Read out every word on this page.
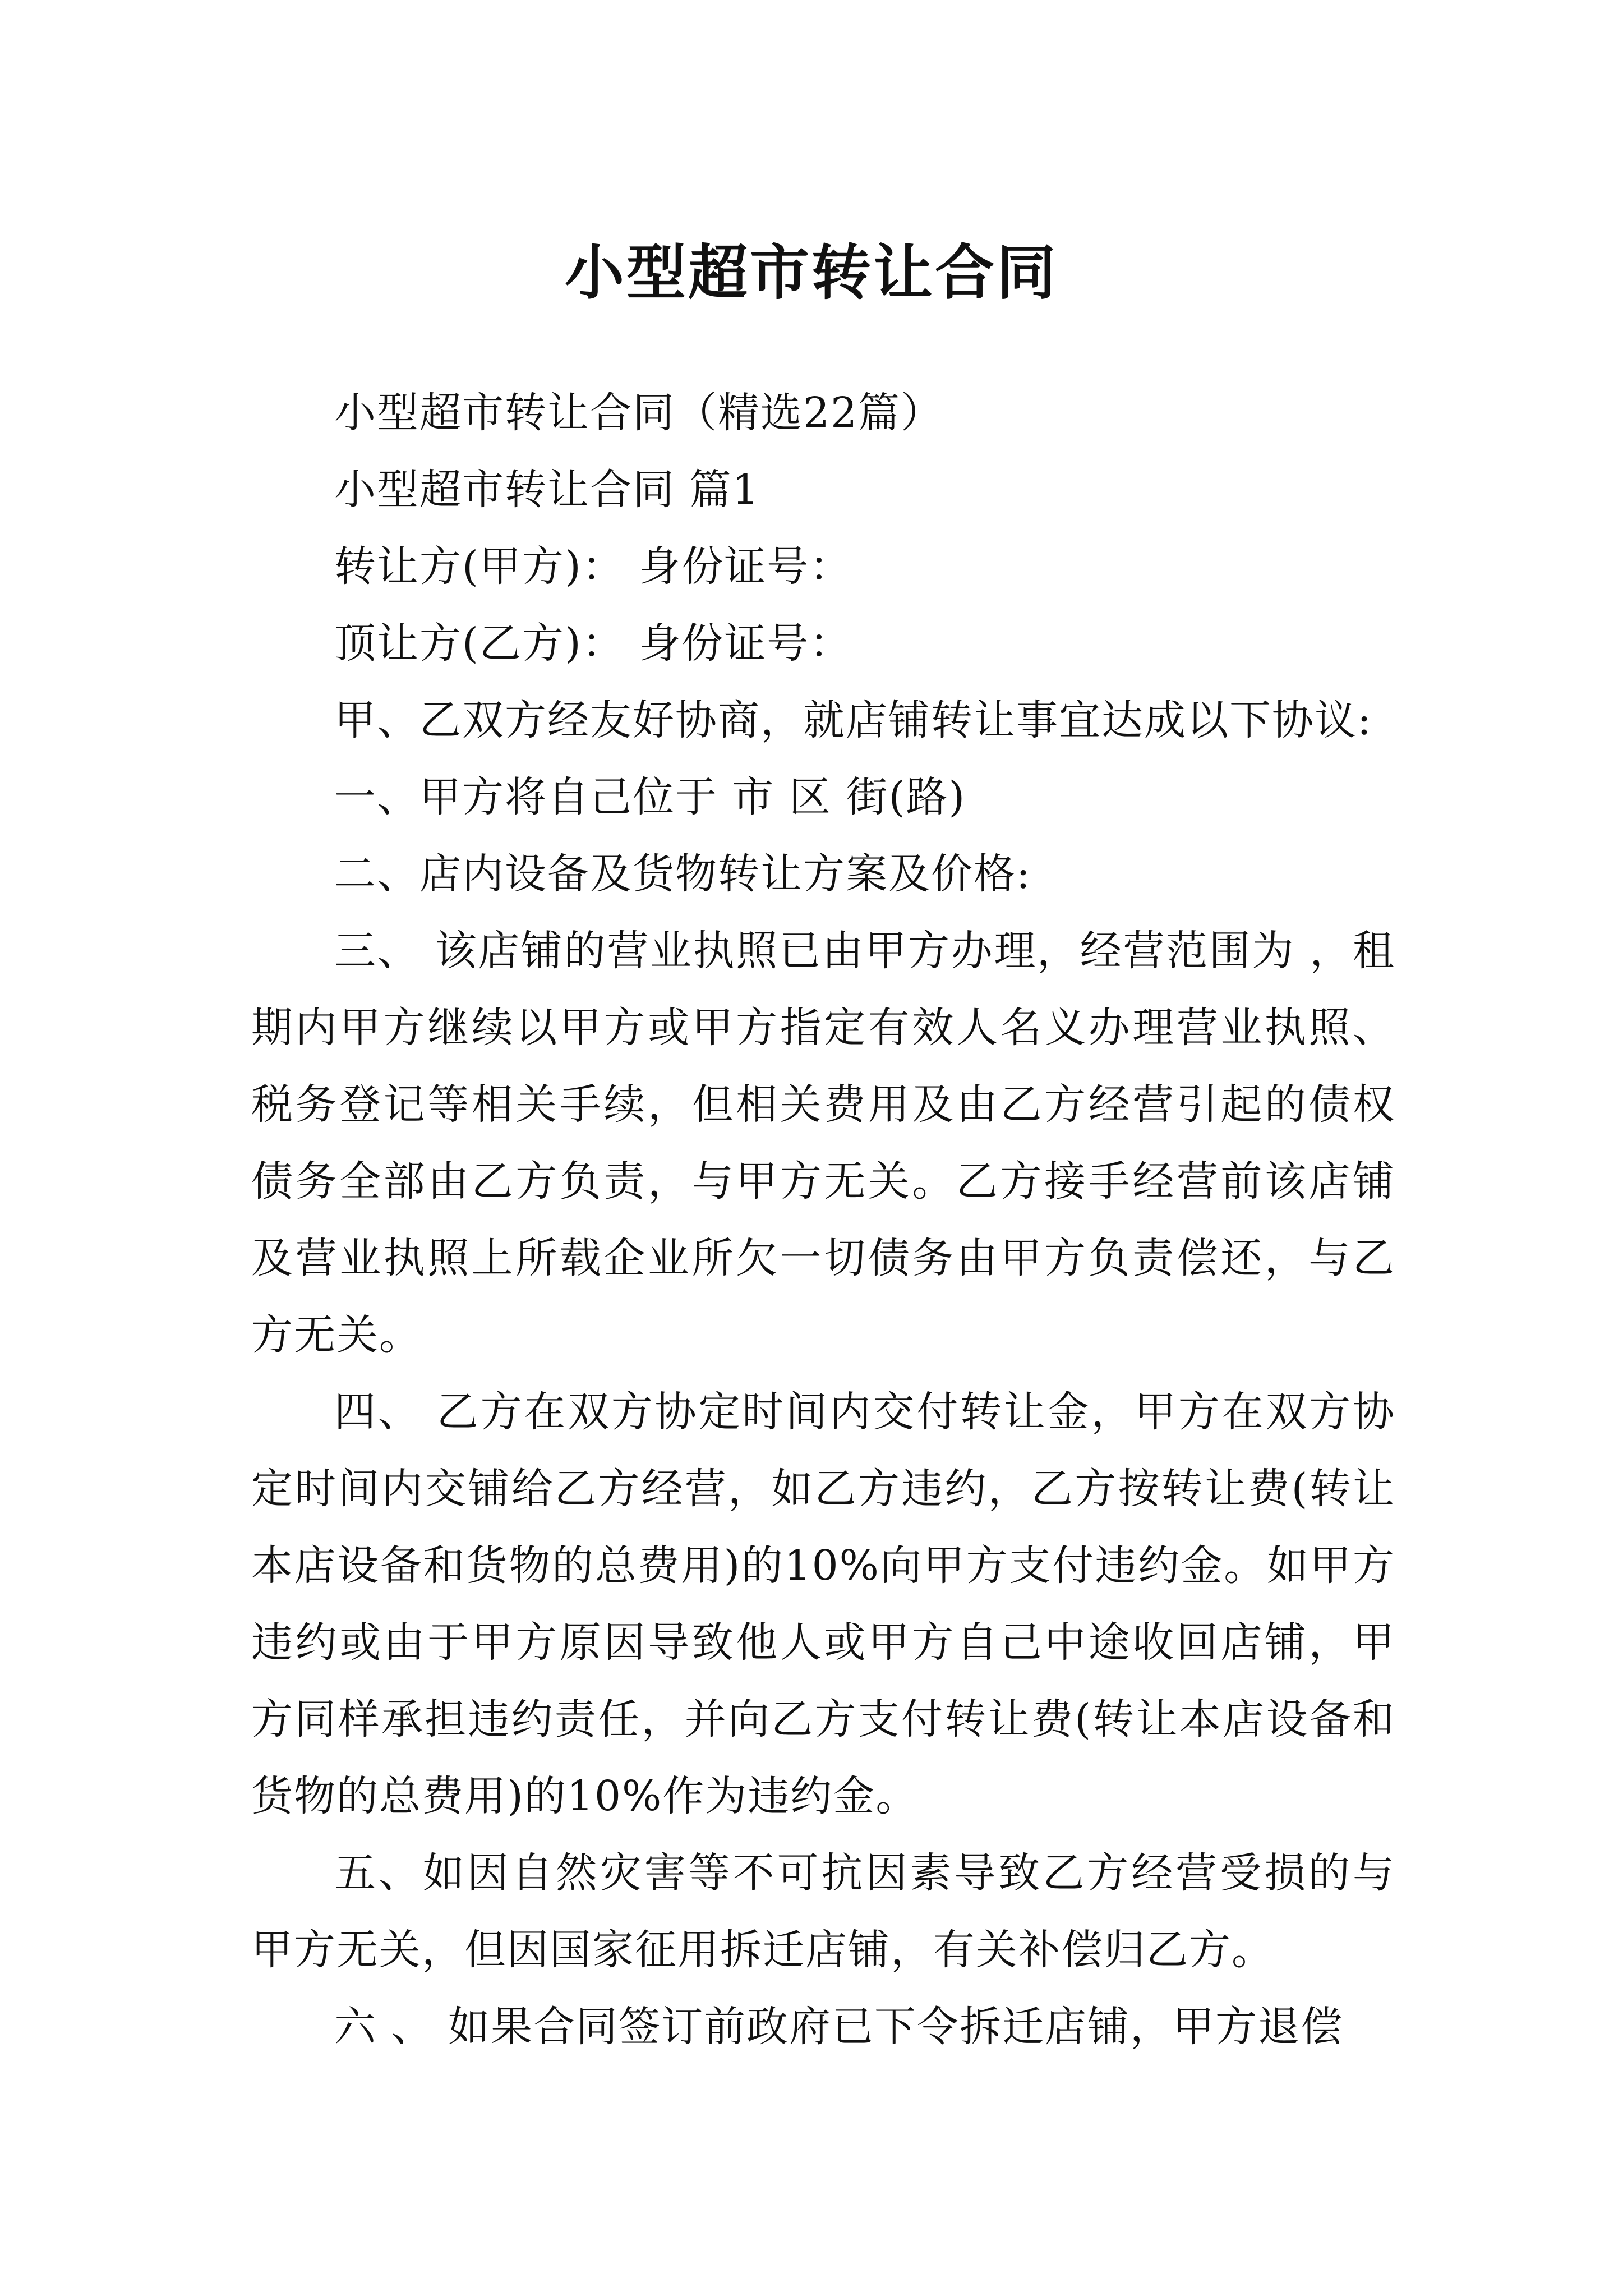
小型超市转让合同

小型超市转让合同（精选22篇）

小型超市转让合同 篇1

转让方(甲方)： 身份证号：

顶让方(乙方)： 身份证号：

甲、乙双方经友好协商，就店铺转让事宜达成以下协议:

一、甲方将自己位于 市 区 街(路)

二、店内设备及货物转让方案及价格:

三、 该店铺的营业执照已由甲方办理，经营范围为 ，租期内甲方继续以甲方或甲方指定有效人名义办理营业执照、税务登记等相关手续，但相关费用及由乙方经营引起的债权债务全部由乙方负责，与甲方无关。乙方接手经营前该店铺及营业执照上所载企业所欠一切债务由甲方负责偿还，与乙方无关。

四、 乙方在双方协定时间内交付转让金，甲方在双方协定时间内交铺给乙方经营，如乙方违约，乙方按转让费(转让本店设备和货物的总费用)的10%向甲方支付违约金。如甲方违约或由于甲方原因导致他人或甲方自己中途收回店铺，甲方同样承担违约责任，并向乙方支付转让费(转让本店设备和货物的总费用)的10%作为违约金。

五、如因自然灾害等不可抗因素导致乙方经营受损的与甲方无关，但因国家征用拆迁店铺，有关补偿归乙方。

六 、 如果合同签订前政府已下令拆迁店铺，甲方退偿
